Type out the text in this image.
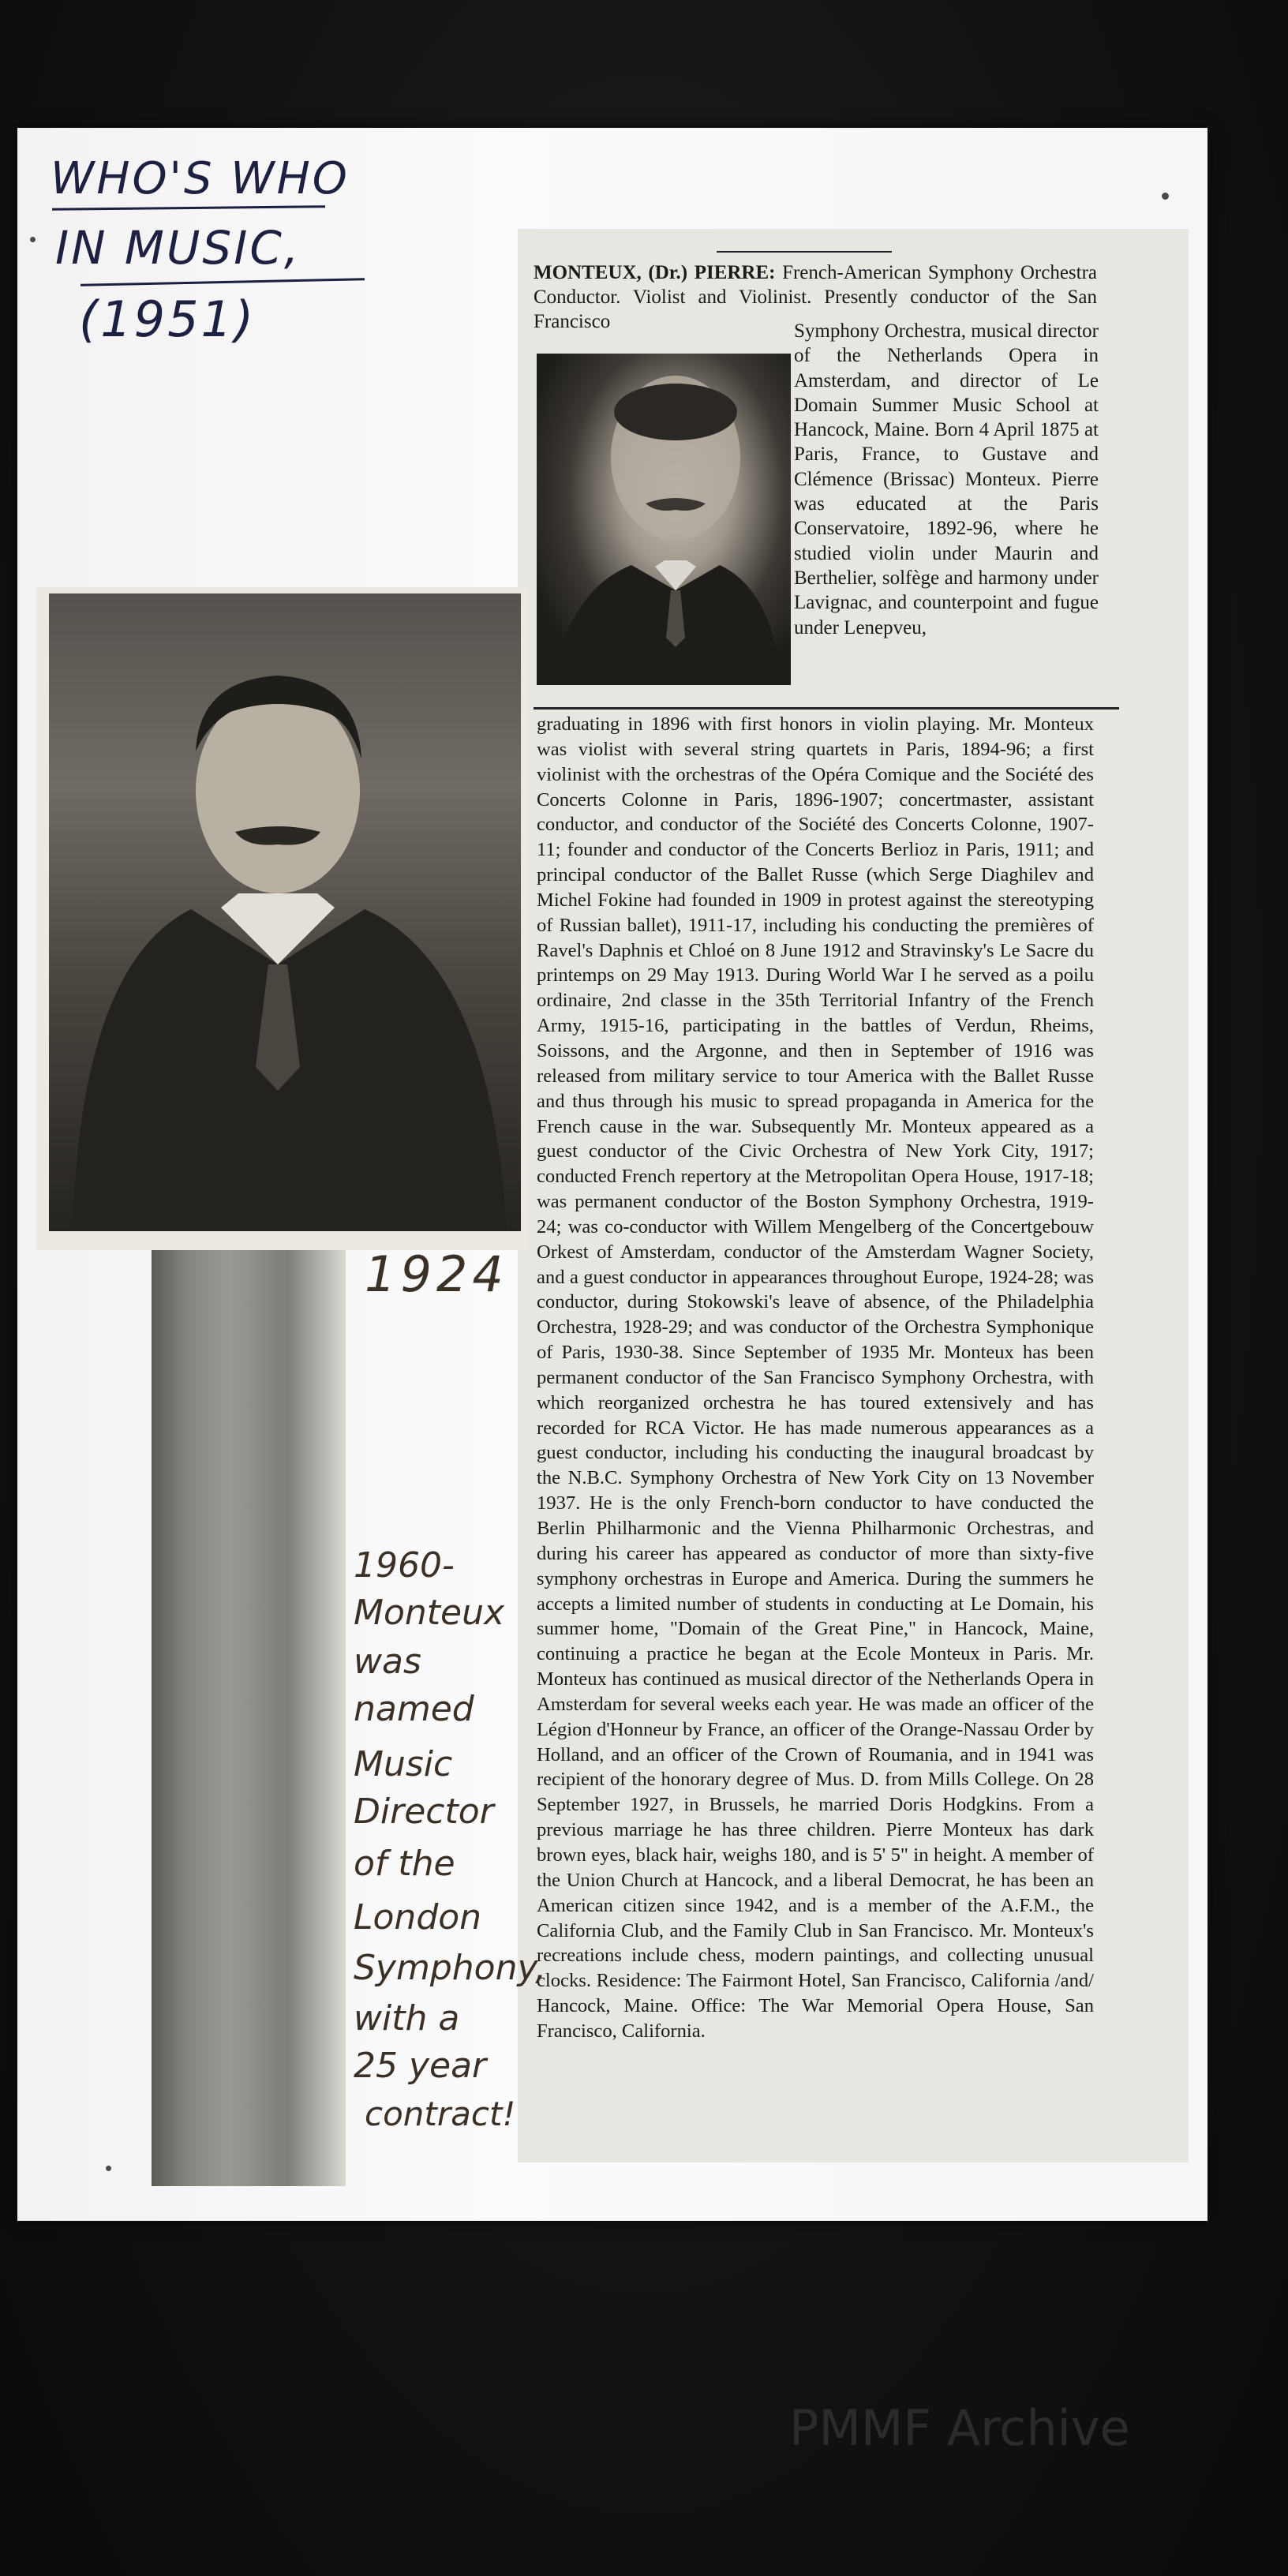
WHO'S WHO
IN MUSIC,
(1951)
MONTEUX, (Dr.) PIERRE: French-American Symphony Orchestra Conductor. Violist and Violinist. Presently conductor of the San Francisco	Symphony Orchestra, musical director of the Netherlands Opera in Amsterdam, and director of Le Domain Summer Music School at Hancock, Maine. Born 4 April 1875 at Paris, France, to Gustave and Clémence (Brissac) Monteux. Pierre was educated at the Paris Conservatoire, 1892-96, where he studied violin under Maurin and Berthelier, solfège and harmony under Lavignac, and counterpoint and fugue under Lenepveu,
graduating in 1896 with first honors in violin playing. Mr. Monteux was violist with several string quartets in Paris, 1894-96; a first violinist with the orchestras of the Opéra Comique and the Société des Concerts Colonne in Paris, 1896-1907; concertmaster, assistant conductor, and conductor of the Société des Concerts Colonne, 1907-11; founder and conductor of the Concerts Berlioz in Paris, 1911; and principal conductor of the Ballet Russe (which Serge Diaghilev and Michel Fokine had founded in 1909 in protest against the stereotyping of Russian ballet), 1911-17, including his conducting the premières of Ravel's Daphnis et Chloé on 8 June 1912 and Stravinsky's Le Sacre du printemps on 29 May 1913. During World War I he served as a poilu ordinaire, 2nd classe in the 35th Territorial Infantry of the French Army, 1915-16, participating in the battles of Verdun, Rheims, Soissons, and the Argonne, and then in September of 1916 was released from military service to tour America with the Ballet Russe and thus through his music to spread propaganda in America for the French cause in the war. Subsequently Mr. Monteux appeared as a guest conductor of the Civic Orchestra of New York City, 1917; conducted French repertory at the Metropolitan Opera House, 1917-18; was permanent conductor of the Boston Symphony Orchestra, 1919-24; was co-conductor with Willem Mengelberg of the Concertgebouw Orkest of Amsterdam, conductor of the Amsterdam Wagner Society, and a guest conductor in appearances throughout Europe, 1924-28; was conductor, during Stokowski's leave of absence, of the Philadelphia Orchestra, 1928-29; and was conductor of the Orchestra Symphonique of Paris, 1930-38. Since September of 1935 Mr. Monteux has been permanent conductor of the San Francisco Symphony Orchestra, with which reorganized orchestra he has toured extensively and has recorded for RCA Victor. He has made numerous appearances as a guest conductor, including his conducting the inaugural broadcast by the N.B.C. Symphony Orchestra of New York City on 13 November 1937. He is the only French-born conductor to have conducted the Berlin Philharmonic and the Vienna Philharmonic Orchestras, and during his career has appeared as conductor of more than sixty-five symphony orchestras in Europe and America. During the summers he accepts a limited number of students in conducting at Le Domain, his summer home, "Domain of the Great Pine," in Hancock, Maine, continuing a practice he began at the Ecole Monteux in Paris. Mr. Monteux has continued as musical director of the Netherlands Opera in Amsterdam for several weeks each year. He was made an officer of the Légion d'Honneur by France, an officer of the Orange-Nassau Order by Holland, and an officer of the Crown of Roumania, and in 1941 was recipient of the honorary degree of Mus. D. from Mills College. On 28 September 1927, in Brussels, he married Doris Hodgkins. From a previous marriage he has three children. Pierre Monteux has dark brown eyes, black hair, weighs 180, and is 5' 5" in height. A member of the Union Church at Hancock, and a liberal Democrat, he has been an American citizen since 1942, and is a member of the A.F.M., the California Club, and the Family Club in San Francisco. Mr. Monteux's recreations include chess, modern paintings, and collecting unusual clocks. Residence: The Fairmont Hotel, San Francisco, California /and/ Hancock, Maine. Office: The War Memorial Opera House, San Francisco, California.
1924
1960-
Monteux
was
named
Music
Director
of the
London
Symphony,
with a
25 year
contract!
PMMF Archive
